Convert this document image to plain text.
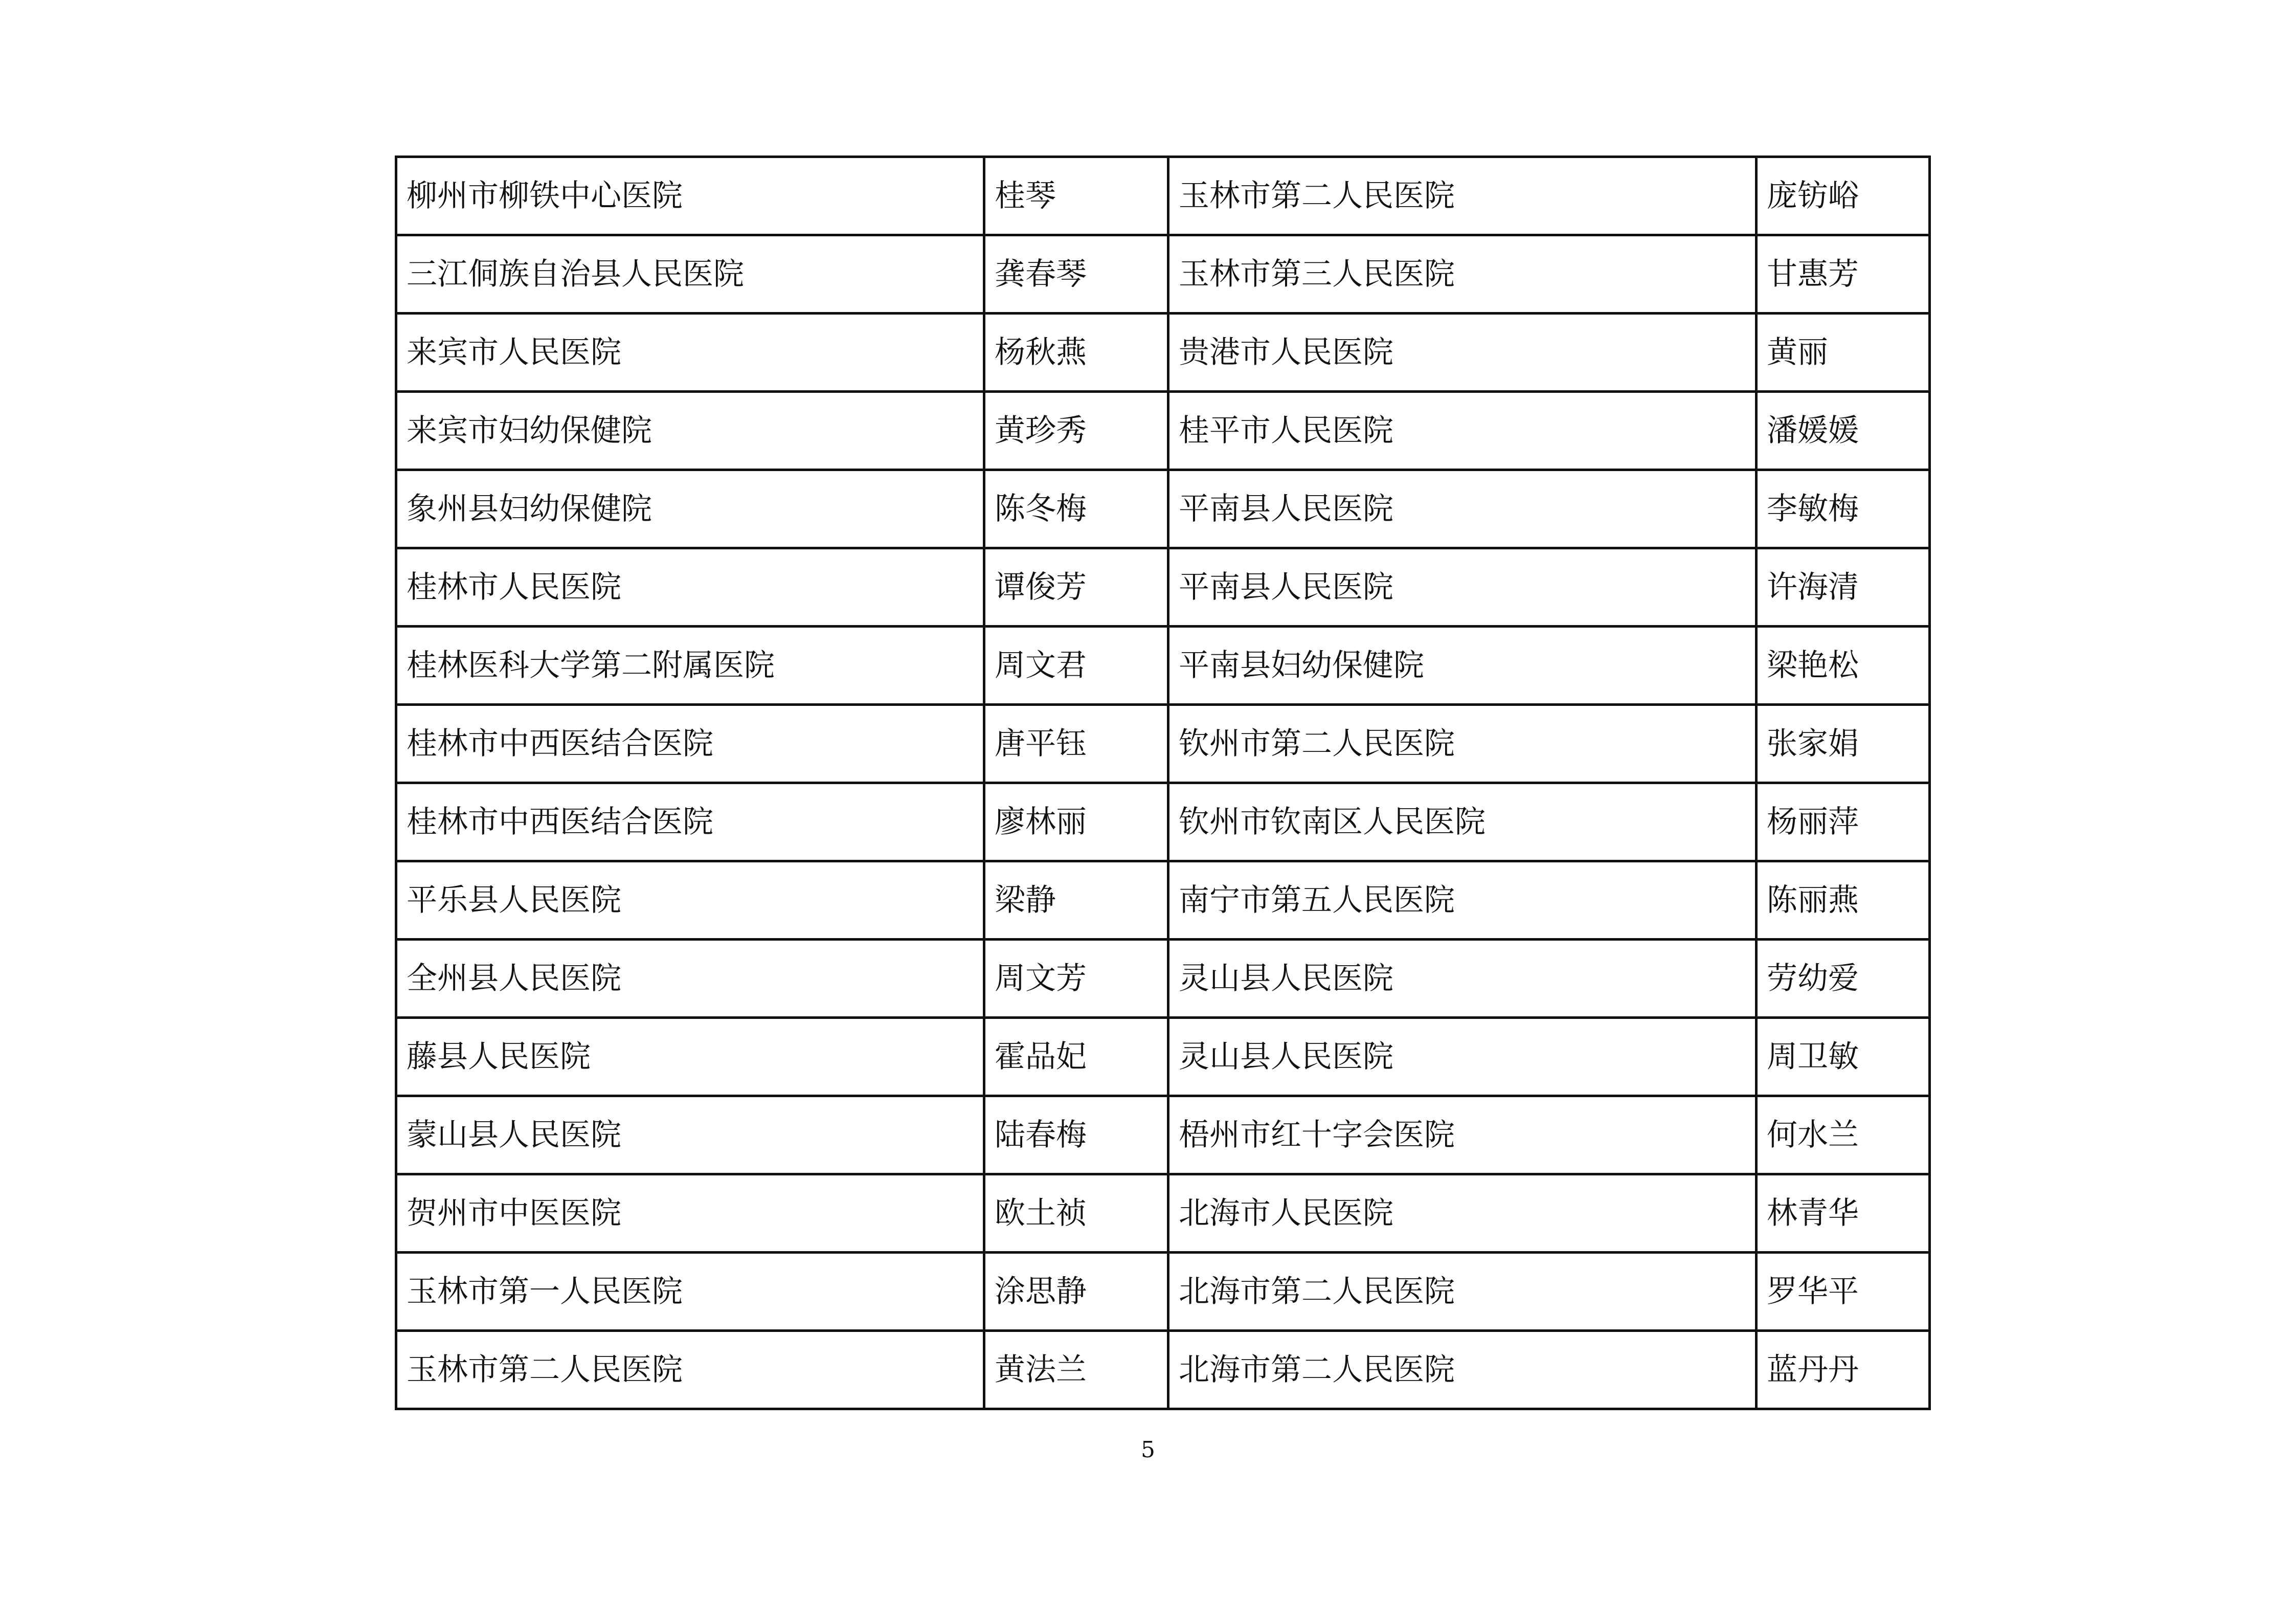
柳州市柳铁中心医院	桂琴	玉林市第二人民医院	庞钫峪
三江侗族自治县人民医院	龚春琴	玉林市第三人民医院	甘惠芳
来宾市人民医院	杨秋燕	贵港市人民医院	黄丽
来宾市妇幼保健院	黄珍秀	桂平市人民医院	潘媛媛
象州县妇幼保健院	陈冬梅	平南县人民医院	李敏梅
桂林市人民医院	谭俊芳	平南县人民医院	许海清
桂林医科大学第二附属医院	周文君	平南县妇幼保健院	梁艳松
桂林市中西医结合医院	唐平钰	钦州市第二人民医院	张家娟
桂林市中西医结合医院	廖林丽	钦州市钦南区人民医院	杨丽萍
平乐县人民医院	梁静	南宁市第五人民医院	陈丽燕
全州县人民医院	周文芳	灵山县人民医院	劳幼爱
藤县人民医院	霍品妃	灵山县人民医院	周卫敏
蒙山县人民医院	陆春梅	梧州市红十字会医院	何水兰
贺州市中医医院	欧土祯	北海市人民医院	林青华
玉林市第一人民医院	涂思静	北海市第二人民医院	罗华平
玉林市第二人民医院	黄法兰	北海市第二人民医院	蓝丹丹
5
